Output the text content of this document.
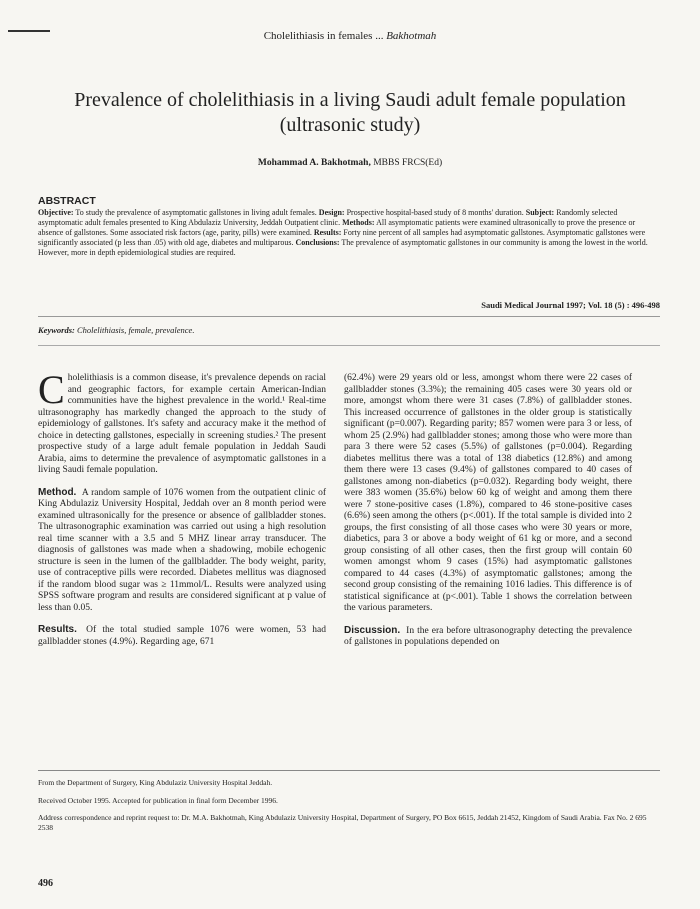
Cholelithiasis in females ... Bakhotmah
Prevalence of cholelithiasis in a living Saudi adult female population (ultrasonic study)
Mohammad A. Bakhotmah, MBBS FRCS(Ed)
ABSTRACT
Objective: To study the prevalence of asymptomatic gallstones in living adult females. Design: Prospective hospital-based study of 8 months' duration. Subject: Randomly selected asymptomatic adult females presented to King Abdulaziz University, Jeddah Outpatient clinic. Methods: All asymptomatic patients were examined ultrasonically to prove the presence or absence of gallstones. Some associated risk factors (age, parity, pills) were examined. Results: Forty nine percent of all samples had asymptomatic gallstones. Asymptomatic gallstones were significantly associated (p less than .05) with old age, diabetes and multiparous. Conclusions: The prevalence of asymptomatic gallstones in our community is among the lowest in the world. However, more in depth epidemiological studies are required.
Saudi Medical Journal 1997; Vol. 18 (5) : 496-498
Keywords: Cholelithiasis, female, prevalence.

C holelithiasis is a common disease, it's prevalence depends on racial and geographic factors, for example certain American-Indian communities have the highest prevalence in the world.¹ Real-time ultrasonography has markedly changed the approach to the study of epidemiology of gallstones. It's safety and accuracy make it the method of choice in detecting gallstones, especially in screening studies.² The present prospective study of a large adult female population in Jeddah Saudi Arabia, aims to determine the prevalence of asymptomatic gallstones in a living Saudi female population.

Method. A random sample of 1076 women from the outpatient clinic of King Abdulaziz University Hospital, Jeddah over an 8 month period were examined ultrasonically for the presence or absence of gallbladder stones. The ultrasonographic examination was carried out using a high resolution real time scanner with a 3.5 and 5 MHZ linear array transducer. The diagnosis of gallstones was made when a shadowing, mobile echogenic structure is seen in the lumen of the gallbladder. The body weight, parity, use of contraceptive pills were recorded. Diabetes mellitus was diagnosed if the random blood sugar was ≥ 11mmol/L. Results were analyzed using SPSS software program and results are considered significant at p value of less than 0.05.

Results. Of the total studied sample 1076 were women, 53 had gallbladder stones (4.9%). Regarding age, 671

(62.4%) were 29 years old or less, amongst whom there were 22 cases of gallbladder stones (3.3%); the remaining 405 cases were 30 years old or more, amongst whom there were 31 cases (7.8%) of gallbladder stones. This increased occurrence of gallstones in the older group is statistically significant (p=0.007). Regarding parity; 857 women were para 3 or less, of whom 25 (2.9%) had gallbladder stones; among those who were more than para 3 there were 52 cases (5.5%) of gallstones (p=0.004). Regarding diabetes mellitus there was a total of 138 diabetics (12.8%) and among them there were 13 cases (9.4%) of gallstones compared to 40 cases of gallstones among non-diabetics (p=0.032). Regarding body weight, there were 383 women (35.6%) below 60 kg of weight and among them there were 7 stone-positive cases (1.8%), compared to 46 stone-positive cases (6.6%) seen among the others (p<.001). If the total sample is divided into 2 groups, the first consisting of all those cases who were 30 years or more, diabetics, para 3 or above a body weight of 61 kg or more, and a second group consisting of all other cases, then the first group will contain 60 women amongst whom 9 cases (15%) had asymptomatic gallstones compared to 44 cases (4.3%) of asymptomatic gallstones; among the second group consisting of the remaining 1016 ladies. This difference is of statistical significance at (p<.001). Table 1 shows the correlation between the various parameters.

Discussion. In the era before ultrasonography detecting the prevalence of gallstones in populations depended on

From the Department of Surgery, King Abdulaziz University Hospital Jeddah.

Received October 1995. Accepted for publication in final form December 1996.

Address correspondence and reprint request to: Dr. M.A. Bakhotmah, King Abdulaziz University Hospital, Department of Surgery, PO Box 6615, Jeddah 21452, Kingdom of Saudi Arabia. Fax No. 2 695 2538

496
